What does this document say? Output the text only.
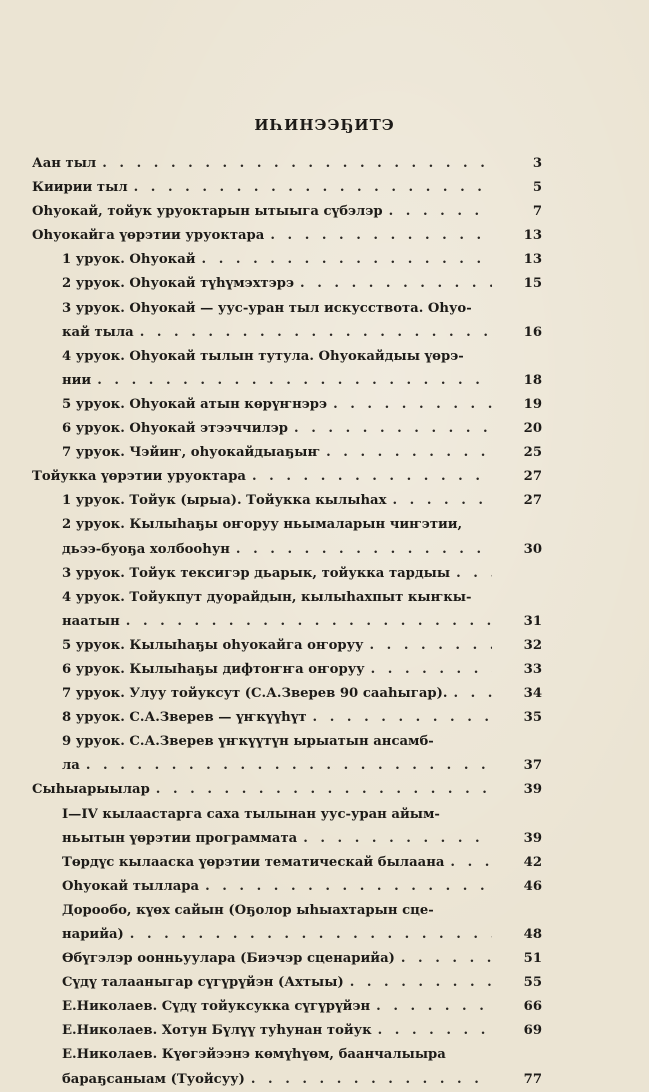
ИҺИНЭЭҔИТЭ
Аан тыл . . .	3
Киирии тыл . . .	5
Оһуокай, тойук уруоктарын ытыыга сүбэлэр . . .	7
Оһуокайга үөрэтии уруоктара . . .	13
1 уруок. Оһуокай . . .	13
2 уруок. Оһуокай түһүмэхтэрэ . . .	15
3 уруок. Оһуокай — уус-уран тыл искусствота. Оһуо-
кай тыла . . .	16
4 уруок. Оһуокай тылын тутула. Оһуокайдыы үөрэ-
нии . . .	18
5 уруок. Оһуокай атын көрүҥнэрэ . . .	19
6 уруок. Оһуокай этээччилэр . . .	20
7 уруок. Чэйиҥ, оһуокайдыаҕыҥ . . .	25
Тойукка үөрэтии уруоктара . . .	27
1 уруок. Тойук (ырыа). Тойукка кылыһах . . .	27
2 уруок. Кылыһаҕы оҥоруу ньымаларын чиҥэтии,
дьээ-буоҕа холбооһун . . .	30
3 уруок. Тойук тексигэр дьарык, тойукка тардыы
. . .
4 уруок. Тойукпут дуорайдын, кылыһахпыт кыҥкы-
наатын . . .	31
5 уруок. Кылыһаҕы оһуокайга оҥоруу . . .	32
6 уруок. Кылыһаҕы дифтоҥҥа оҥоруу . . .	33
7 уруок. Улуу тойуксут (С.А.Зверев 90 сааһыгар). . . .	34
8 уруок. С.А.Зверев — үҥкүүһүт . . .	35
9 уруок. С.А.Зверев үҥкүүтүн ырыатын ансамб-
ла . . .	37
Сыһыарыылар . . .	39
I—IV кылаастарга саха тылынан уус-уран айым-
ньытын үөрэтии программата . . .	39
Төрдүс кылааска үөрэтии тематическай былаана . . .	42
Оһуокай тыллара . . .	46
Дорообо, күөх сайын (Оҕолор ыһыахтарын сце-
нарийа) . . .	48
Өбүгэлэр оонньуулара (Биэчэр сценарийа) . . .	51
Сүдү талааныгар сүгүрүйэн (Ахтыы) . . .	55
Е.Николаев. Сүдү тойуксукка сүгүрүйэн . . .	66
Е.Николаев. Хотун Бүлүү туһунан тойук . . .	69
Е.Николаев. Күөгэйээнэ көмүһүөм, баанчалыыра
бараҕсаныам (Туойсуу) . . .	77
